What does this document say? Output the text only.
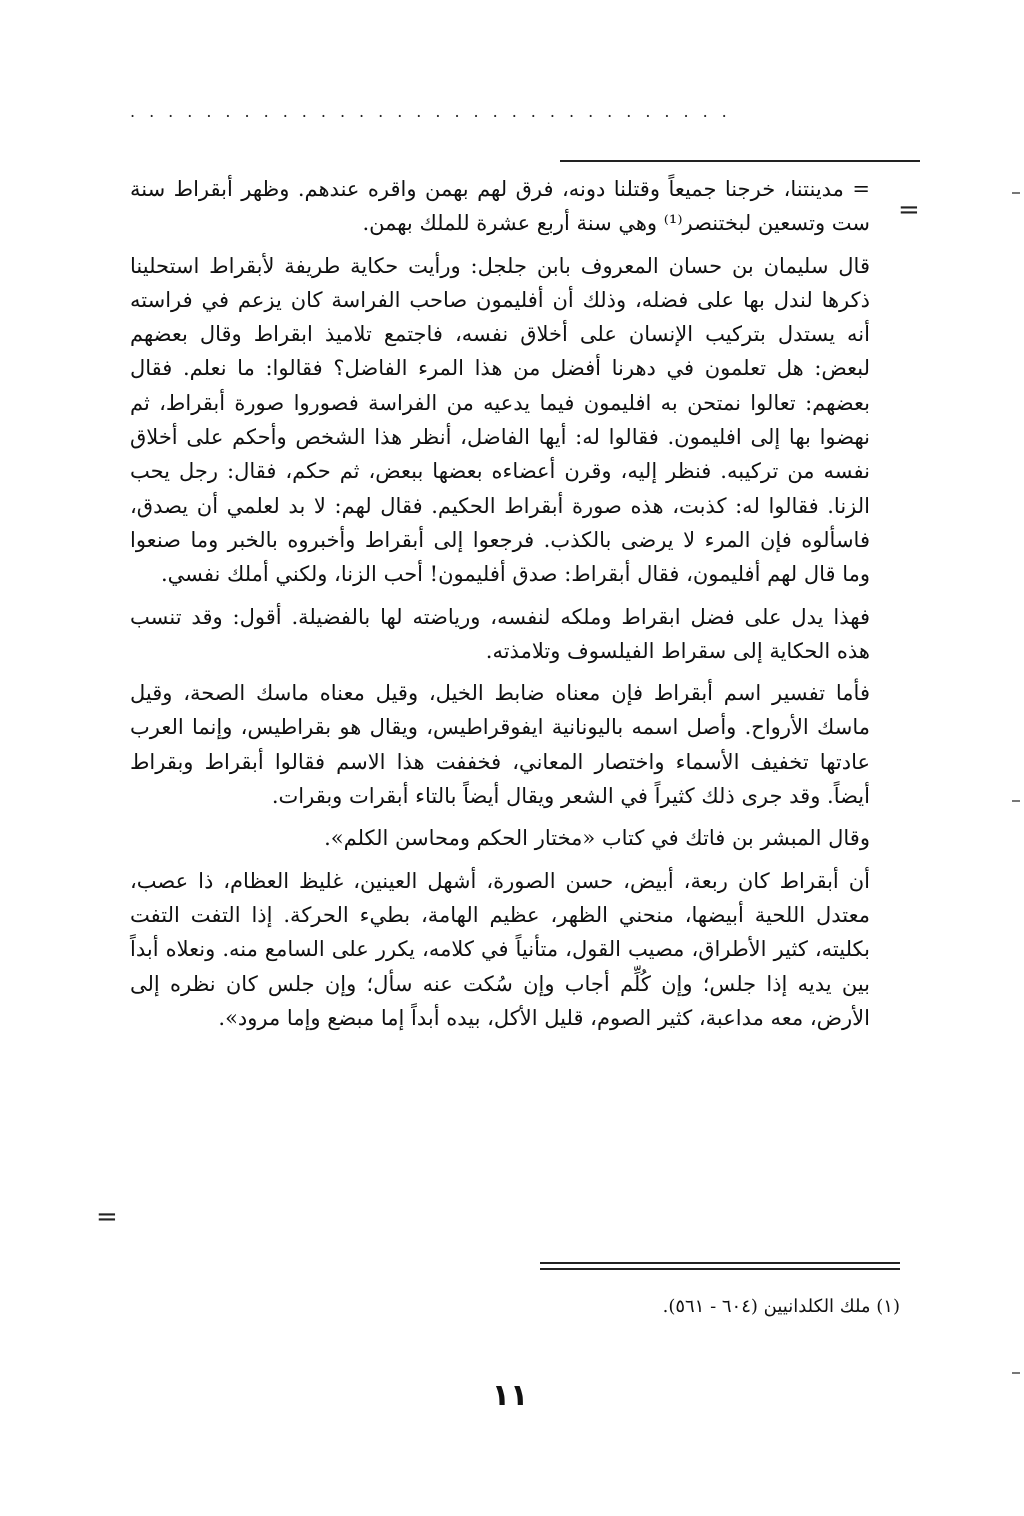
................................
=

= مدينتنا، خرجنا جميعاً وقتلنا دونه، فرق لهم بهمن واقره عندهم. وظهر أبقراط سنة ست وتسعين لبختنصر⁽¹⁾ وهي سنة أربع عشرة للملك بهمن.

قال سليمان بن حسان المعروف بابن جلجل: ورأيت حكاية طريفة لأبقراط استحلينا ذكرها لندل بها على فضله، وذلك أن أفليمون صاحب الفراسة كان يزعم في فراسته أنه يستدل بتركيب الإنسان على أخلاق نفسه، فاجتمع تلاميذ ابقراط وقال بعضهم لبعض: هل تعلمون في دهرنا أفضل من هذا المرء الفاضل؟ فقالوا: ما نعلم. فقال بعضهم: تعالوا نمتحن به افليمون فيما يدعيه من الفراسة فصوروا صورة أبقراط، ثم نهضوا بها إلى افليمون. فقالوا له: أيها الفاضل، أنظر هذا الشخص وأحكم على أخلاق نفسه من تركيبه. فنظر إليه، وقرن أعضاءه بعضها ببعض، ثم حكم، فقال: رجل يحب الزنا. فقالوا له: كذبت، هذه صورة أبقراط الحكيم. فقال لهم: لا بد لعلمي أن يصدق، فاسألوه فإن المرء لا يرضى بالكذب. فرجعوا إلى أبقراط وأخبروه بالخبر وما صنعوا وما قال لهم أفليمون، فقال أبقراط: صدق أفليمون! أحب الزنا، ولكني أملك نفسي.

فهذا يدل على فضل ابقراط وملكه لنفسه، ورياضته لها بالفضيلة. أقول: وقد تنسب هذه الحكاية إلى سقراط الفيلسوف وتلامذته.

فأما تفسير اسم أبقراط فإن معناه ضابط الخيل، وقيل معناه ماسك الصحة، وقيل ماسك الأرواح. وأصل اسمه باليونانية ايفوقراطيس، ويقال هو بقراطيس، وإنما العرب عادتها تخفيف الأسماء واختصار المعاني، فخففت هذا الاسم فقالوا أبقراط وبقراط أيضاً. وقد جرى ذلك كثيراً في الشعر ويقال أيضاً بالتاء أبقرات وبقرات.

وقال المبشر بن فاتك في كتاب «مختار الحكم ومحاسن الكلم».

أن أبقراط كان ربعة، أبيض، حسن الصورة، أشهل العينين، غليظ العظام، ذا عصب، معتدل اللحية أبيضها، منحني الظهر، عظيم الهامة، بطيء الحركة. إذا التفت التفت بكليته، كثير الأطراق، مصيب القول، متأنياً في كلامه، يكرر على السامع منه. ونعلاه أبداً بين يديه إذا جلس؛ وإن كُلِّم أجاب وإن سُكت عنه سأل؛ وإن جلس كان نظره إلى الأرض، معه مداعبة، كثير الصوم، قليل الأكل، بيده أبداً إما مبضع وإما مرود».

=
(١) ملك الكلدانيين (٦٠٤ - ٥٦١).
١١
